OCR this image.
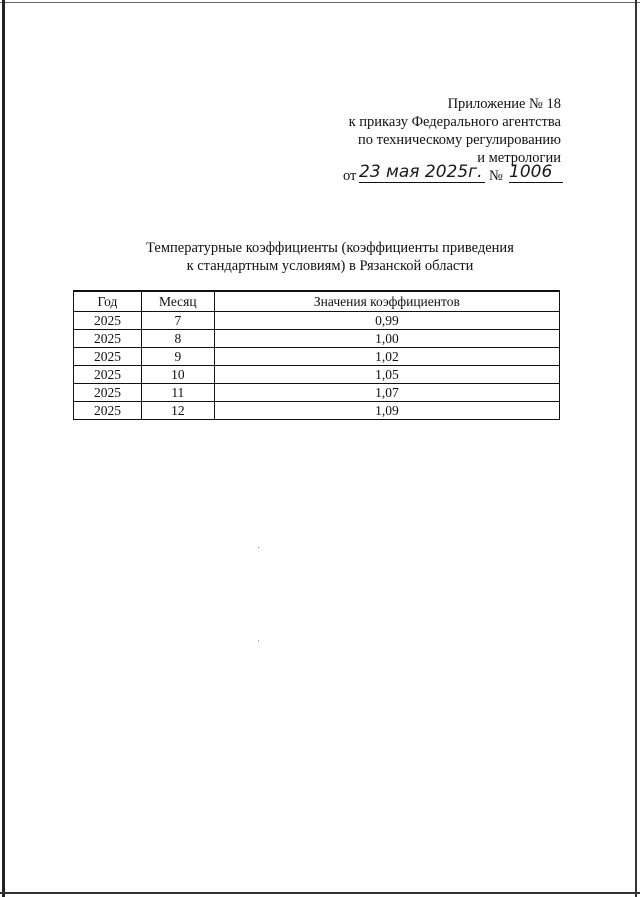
Приложение № 18
к приказу Федерального агентства
по техническому регулированию
и метрологии
от 23 мая 2025г. № 1006
Температурные коэффициенты (коэффициенты приведения
к стандартным условиям) в Рязанской области
Год	Месяц	Значения коэффициентов
2025	7	0,99
2025	8	1,00
2025	9	1,02
2025	10	1,05
2025	11	1,07
2025	12	1,09
